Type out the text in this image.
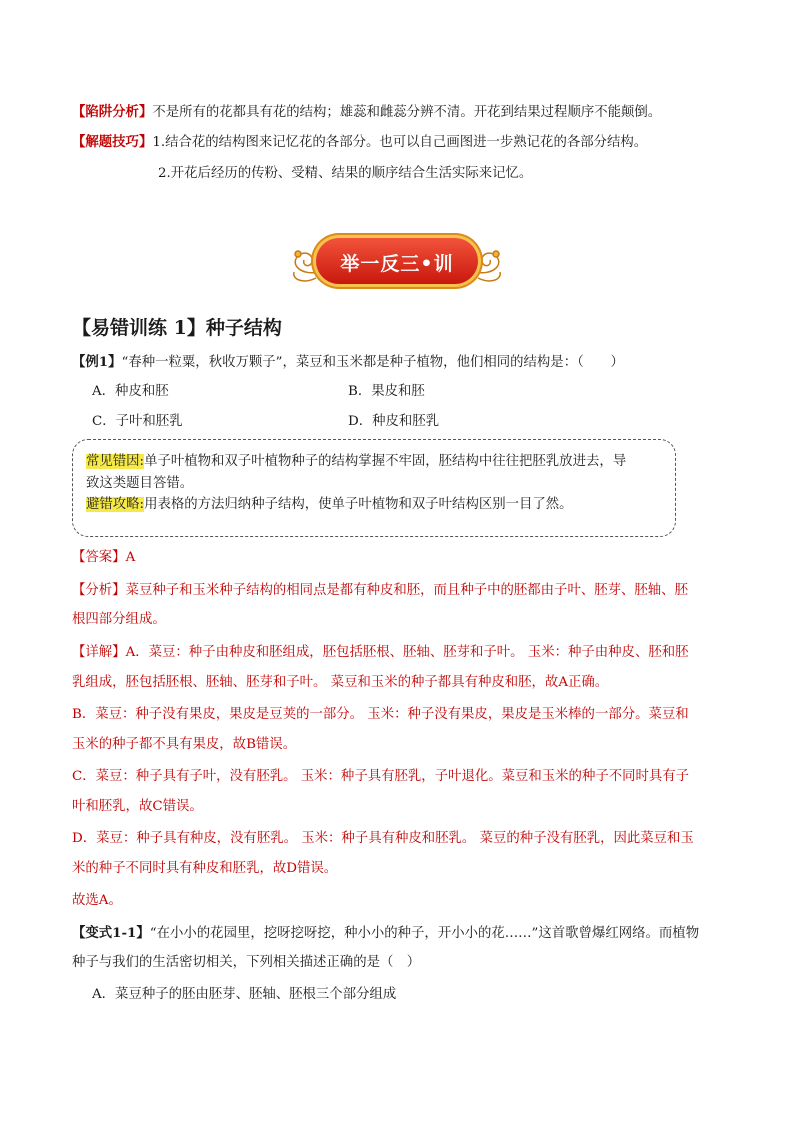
【陷阱分析】不是所有的花都具有花的结构；雄蕊和雌蕊分辨不清。开花到结果过程顺序不能颠倒。
【解题技巧】1.结合花的结构图来记忆花的各部分。也可以自己画图进一步熟记花的各部分结构。
2.开花后经历的传粉、受精、结果的顺序结合生活实际来记忆。
举一反三•训
【易错训练 1】种子结构
【例1】“春种一粒粟，秋收万颗子”，菜豆和玉米都是种子植物，他们相同的结构是：（　　）
A．种皮和胚	B．果皮和胚
C．子叶和胚乳	D．种皮和胚乳
常见错因:单子叶植物和双子叶植物种子的结构掌握不牢固，胚结构中往往把胚乳放进去，导
致这类题目答错。
避错攻略:用表格的方法归纳种子结构，使单子叶植物和双子叶结构区别一目了然。
【答案】A
【分析】菜豆种子和玉米种子结构的相同点是都有种皮和胚，而且种子中的胚都由子叶、胚芽、胚轴、胚
根四部分组成。
【详解】A．菜豆：种子由种皮和胚组成，胚包括胚根、胚轴、胚芽和子叶。 玉米：种子由种皮、胚和胚
乳组成，胚包括胚根、胚轴、胚芽和子叶。 菜豆和玉米的种子都具有种皮和胚，故A正确。
B．菜豆：种子没有果皮，果皮是豆荚的一部分。 玉米：种子没有果皮，果皮是玉米棒的一部分。菜豆和
玉米的种子都不具有果皮，故B错误。
C．菜豆：种子具有子叶，没有胚乳。 玉米：种子具有胚乳，子叶退化。菜豆和玉米的种子不同时具有子
叶和胚乳，故C错误。
D．菜豆：种子具有种皮，没有胚乳。 玉米：种子具有种皮和胚乳。 菜豆的种子没有胚乳，因此菜豆和玉
米的种子不同时具有种皮和胚乳，故D错误。
故选A。
【变式1-1】“在小小的花园里，挖呀挖呀挖，种小小的种子，开小小的花……”这首歌曾爆红网络。而植物
种子与我们的生活密切相关，下列相关描述正确的是（　）
A．菜豆种子的胚由胚芽、胚轴、胚根三个部分组成
